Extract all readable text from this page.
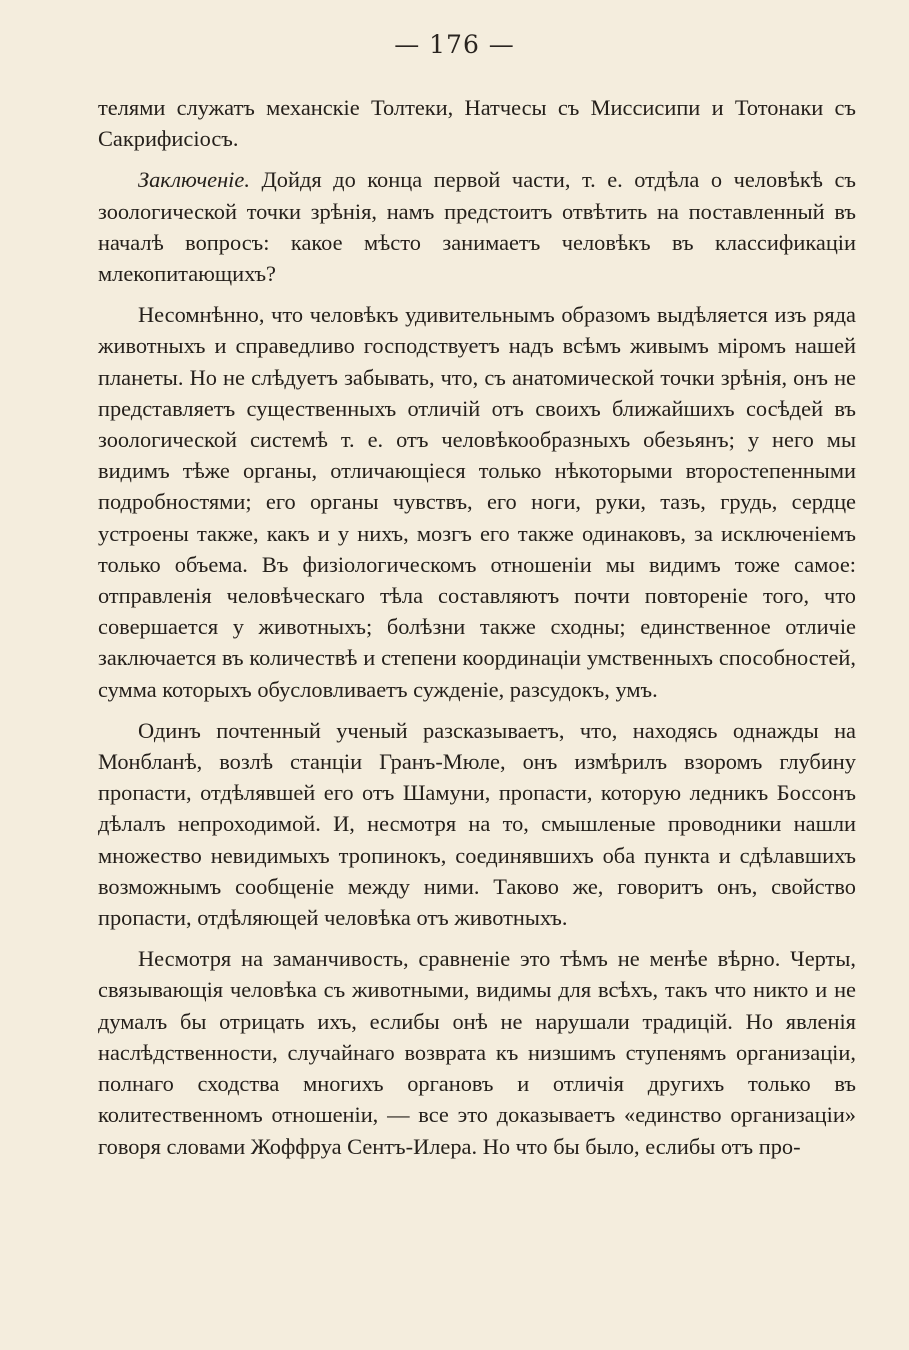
— 176 —

телями служатъ механскіе Толтеки, Натчесы съ Миссисипи и Тотонаки съ Сакрифисіосъ.

Заключеніе. Дойдя до конца первой части, т. е. отдѣла о человѣкѣ съ зоологической точки зрѣнія, намъ предстоитъ отвѣтить на поставленный въ началѣ вопросъ: какое мѣсто занимаетъ человѣкъ въ классификаціи млекопитающихъ?

Несомнѣнно, что человѣкъ удивительнымъ образомъ выдѣляется изъ ряда животныхъ и справедливо господствуетъ надъ всѣмъ живымъ міромъ нашей планеты. Но не слѣдуетъ забывать, что, съ анатомической точки зрѣнія, онъ не представляетъ существенныхъ отличій отъ своихъ ближайшихъ сосѣдей въ зоологической системѣ т. е. отъ человѣкообразныхъ обезьянъ; у него мы видимъ тѣже органы, отличающіеся только нѣкоторыми второстепенными подробностями; его органы чувствъ, его ноги, руки, тазъ, грудь, сердце устроены также, какъ и у нихъ, мозгъ его также одинаковъ, за исключеніемъ только объема. Въ физіологическомъ отношеніи мы видимъ тоже самое: отправленія человѣческаго тѣла составляютъ почти повтореніе того, что совершается у животныхъ; болѣзни также сходны; единственное отличіе заключается въ количествѣ и степени координаціи умственныхъ способностей, сумма которыхъ обусловливаетъ сужденіе, разсудокъ, умъ.

Одинъ почтенный ученый разсказываетъ, что, находясь однажды на Монбланѣ, возлѣ станціи Гранъ-Мюле, онъ измѣрилъ взоромъ глубину пропасти, отдѣлявшей его отъ Шамуни, пропасти, которую ледникъ Боссонъ дѣлалъ непроходимой. И, несмотря на то, смышленые проводники нашли множество невидимыхъ тропинокъ, соединявшихъ оба пункта и сдѣлавшихъ возможнымъ сообщеніе между ними. Таково же, говоритъ онъ, свойство пропасти, отдѣляющей человѣка отъ животныхъ.

Несмотря на заманчивость, сравненіе это тѣмъ не менѣе вѣрно. Черты, связывающія человѣка съ животными, видимы для всѣхъ, такъ что никто и не думалъ бы отрицать ихъ, еслибы онѣ не нарушали традицій. Но явленія наслѣдственности, случайнаго возврата къ низшимъ ступенямъ организаціи, полнаго сходства многихъ органовъ и отличія другихъ только въ колитественномъ отношеніи, — все это доказываетъ «единство организаціи» говоря словами Жоффруа Сентъ-Илера. Но что бы было, еслибы отъ про-
